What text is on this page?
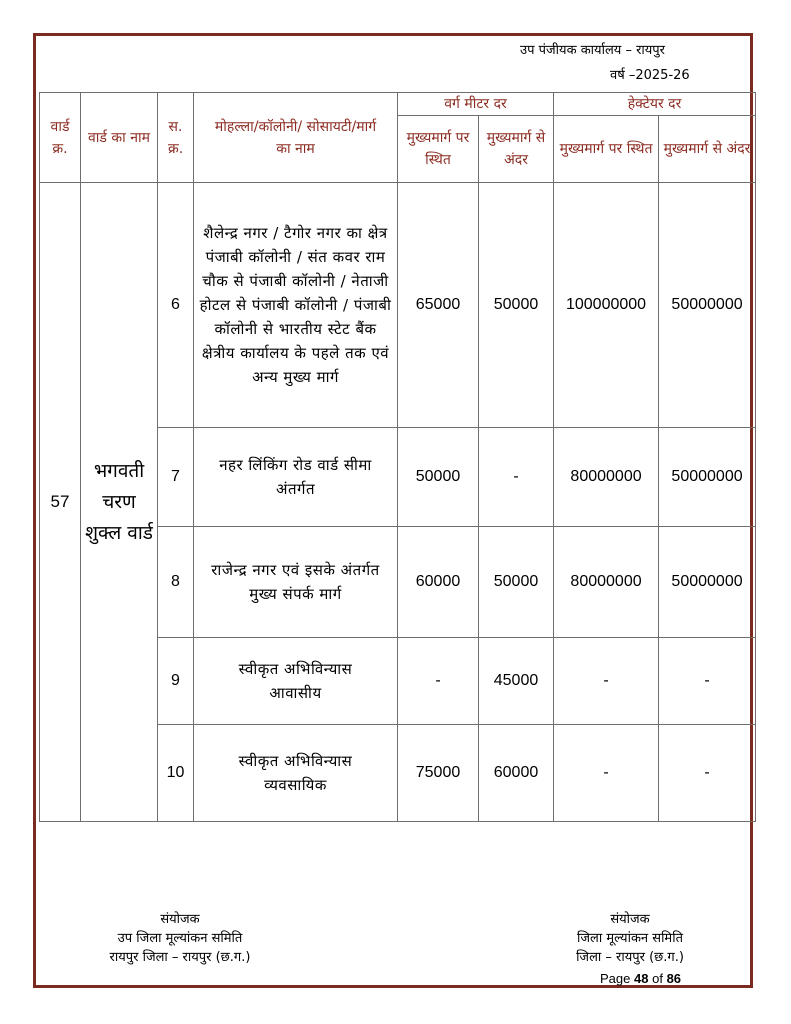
उप पंजीयक कार्यालय – रायपुर
वर्ष –2025-26
वार्ड क्र.	वार्ड का नाम	स. क्र.	मोहल्ला/कॉलोनी/ सोसायटी/मार्ग का नाम	वर्ग मीटर दर		हेक्टेयर दर	
				मुख्यमार्ग पर स्थित	मुख्यमार्ग से अंदर	मुख्यमार्ग पर स्थित	मुख्यमार्ग से अंदर
57	भगवती चरण शुक्ल वार्ड	6	शैलेन्द्र नगर / टैगोर नगर का क्षेत्र पंजाबी कॉलोनी / संत कवर राम चौक से पंजाबी कॉलोनी / नेताजी होटल से पंजाबी कॉलोनी / पंजाबी कॉलोनी से भारतीय स्टेट बैंक क्षेत्रीय कार्यालय के पहले तक एवं अन्य मुख्य मार्ग	65000	50000	100000000	50000000
		7	नहर लिंकिंग रोड वार्ड सीमा अंतर्गत	50000	-	80000000	50000000
		8	राजेन्द्र नगर एवं इसके अंतर्गत मुख्य संपर्क मार्ग	60000	50000	80000000	50000000
		9	स्वीकृत अभिविन्यास आवासीय	-	45000	-	-
		10	स्वीकृत अभिविन्यास व्यवसायिक	75000	60000	-	-
संयोजक
उप जिला मूल्यांकन समिति
रायपुर जिला – रायपुर (छ.ग.)
संयोजक
जिला मूल्यांकन समिति
जिला – रायपुर (छ.ग.)
Page 48 of 86
